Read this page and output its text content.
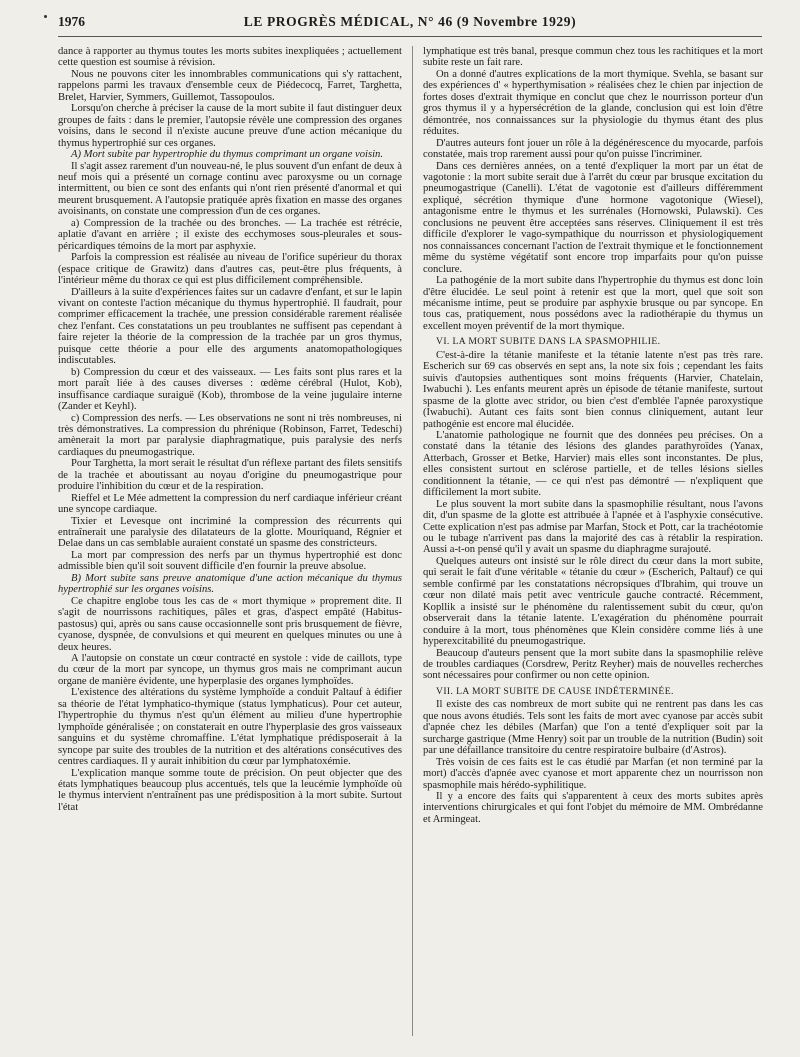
1976	LE PROGRÈS MÉDICAL, N° 46 (9 Novembre 1929)

dance à rapporter au thymus toutes les morts subites inexpliquées ; actuellement cette question est soumise à révision.

Nous ne pouvons citer les innombrables communications qui s'y rattachent, rappelons parmi les travaux d'ensemble ceux de Piédecocq, Farret, Targhetta, Brelet, Harvier, Symmers, Guillemot, Tassopoulos.

Lorsqu'on cherche à préciser la cause de la mort subite il faut distinguer deux groupes de faits : dans le premier, l'autopsie révèle une compression des organes voisins, dans le second il n'existe aucune preuve d'une action mécanique du thymus hypertrophié sur ces organes.

A) Mort subite par hypertrophie du thymus comprimant un organe voisin.

Il s'agit assez rarement d'un nouveau-né, le plus souvent d'un enfant de deux à neuf mois qui a présenté un cornage continu avec paroxysme ou un cornage intermittent, ou bien ce sont des enfants qui n'ont rien présenté d'anormal et qui meurent brusquement. A l'autopsie pratiquée après fixation en masse des organes avoisinants, on constate une compression d'un de ces organes.

a) Compression de la trachée ou des bronches. — La trachée est rétrécie, aplatie d'avant en arrière ; il existe des ecchymoses sous-pleurales et sous-péricardiques témoins de la mort par asphyxie.

Parfois la compression est réalisée au niveau de l'orifice supérieur du thorax (espace critique de Grawitz) dans d'autres cas, peut-être plus fréquents, à l'intérieur même du thorax ce qui est plus difficilement compréhensible.

D'ailleurs à la suite d'expériences faites sur un cadavre d'enfant, et sur le lapin vivant on conteste l'action mécanique du thymus hypertrophié. Il faudrait, pour comprimer efficacement la trachée, une pression considérable rarement réalisée chez l'enfant. Ces constatations un peu troublantes ne suffisent pas cependant à faire rejeter la théorie de la compression de la trachée par un gros thymus, puisque cette théorie a pour elle des arguments anatomopathologiques indiscutables.

b) Compression du cœur et des vaisseaux. — Les faits sont plus rares et la mort paraît liée à des causes diverses : œdème cérébral (Hulot, Kob), insuffisance cardiaque suraiguë (Kob), thrombose de la veine jugulaire interne (Zander et Keyhl).

c) Compression des nerfs. — Les observations ne sont ni très nombreuses, ni très démonstratives. La compression du phrénique (Robinson, Farret, Tedeschi) amènerait la mort par paralysie diaphragmatique, puis paralysie des nerfs cardiaques du pneumogastrique.

Pour Targhetta, la mort serait le résultat d'un réflexe partant des filets sensitifs de la trachée et aboutissant au noyau d'origine du pneumogastrique pour produire l'inhibition du cœur et de la respiration.

Rieffel et Le Mée admettent la compression du nerf cardiaque inférieur créant une syncope cardiaque.

Tixier et Levesque ont incriminé la compression des récurrents qui entraînerait une paralysie des dilatateurs de la glotte. Mouriquand, Régnier et Delae dans un cas semblable auraient constaté un spasme des constricteurs.

La mort par compression des nerfs par un thymus hypertrophié est donc admissible bien qu'il soit souvent difficile d'en fournir la preuve absolue.

B) Mort subite sans preuve anatomique d'une action mécanique du thymus hypertrophié sur les organes voisins.

Ce chapitre englobe tous les cas de « mort thymique » proprement dite. Il s'agit de nourrissons rachitiques, pâles et gras, d'aspect empâté (Habitus-pastosus) qui, après ou sans cause occasionnelle sont pris brusquement de fièvre, cyanose, dyspnée, de convulsions et qui meurent en quelques minutes ou une à deux heures.

A l'autopsie on constate un cœur contracté en systole : vide de caillots, type du cœur de la mort par syncope, un thymus gros mais ne comprimant aucun organe de manière évidente, une hyperplasie des organes lymphoïdes.

L'existence des altérations du système lymphoïde a conduit Paltauf à édifier sa théorie de l'état lymphatico-thymique (status lymphaticus). Pour cet auteur, l'hypertrophie du thymus n'est qu'un élément au milieu d'une hypertrophie lymphoïde généralisée ; on constaterait en outre l'hyperplasie des gros vaisseaux sanguins et du système chromaffine. L'état lymphatique prédisposerait à la syncope par suite des troubles de la nutrition et des altérations consécutives des centres cardiaques. Il y aurait inhibition du cœur par lymphatoxémie.

L'explication manque somme toute de précision. On peut objecter que des états lymphatiques beaucoup plus accentués, tels que la leucémie lymphoïde où le thymus intervient n'entraînent pas une prédisposition à la mort subite. Surtout l'état

lymphatique est très banal, presque commun chez tous les rachitiques et la mort subite reste un fait rare.

On a donné d'autres explications de la mort thymique. Svehla, se basant sur des expériences d' « hyperthymisation » réalisées chez le chien par injection de fortes doses d'extrait thymique en conclut que chez le nourrisson porteur d'un gros thymus il y a hypersécrétion de la glande, conclusion qui est loin d'être démontrée, nos connaissances sur la physiologie du thymus étant des plus réduites.

D'autres auteurs font jouer un rôle à la dégénérescence du myocarde, parfois constatée, mais trop rarement aussi pour qu'on puisse l'incriminer.

Dans ces dernières années, on a tenté d'expliquer la mort par un état de vagotonie : la mort subite serait due à l'arrêt du cœur par brusque excitation du pneumogastrique (Canelli). L'état de vagotonie est d'ailleurs différemment expliqué, sécrétion thymique d'une hormone vagotonique (Wiesel), antagonisme entre le thymus et les surrénales (Hornowski, Pulawski). Ces conclusions ne peuvent être acceptées sans réserves. Cliniquement il est très difficile d'explorer le vago-sympathique du nourrisson et physiologiquement nos connaissances concernant l'action de l'extrait thymique et le fonctionnement même du système végétatif sont encore trop imparfaits pour qu'on puisse conclure.

La pathogénie de la mort subite dans l'hypertrophie du thymus est donc loin d'être élucidée. Le seul point à retenir est que la mort, quel que soit son mécanisme intime, peut se produire par asphyxie brusque ou par syncope. En tous cas, pratiquement, nous possédons avec la radiothérapie du thymus un excellent moyen préventif de la mort thymique.

VI. LA MORT SUBITE DANS LA SPASMOPHILIE.

C'est-à-dire la tétanie manifeste et la tétanie latente n'est pas très rare. Escherich sur 69 cas observés en sept ans, la note six fois ; cependant les faits suivis d'autopsies authentiques sont moins fréquents (Harvier, Chatelain, Iwabuchi ). Les enfants meurent après un épisode de tétanie manifeste, surtout spasme de la glotte avec stridor, ou bien c'est d'emblée l'apnée paroxystique (Iwabuchi). Autant ces faits sont bien connus cliniquement, autant leur pathogénie est encore mal élucidée.

L'anatomie pathologique ne fournit que des données peu précises. On a constaté dans la tétanie des lésions des glandes parathyroïdes (Yanax, Atterbach, Grosser et Betke, Harvier) mais elles sont inconstantes. De plus, elles consistent surtout en sclérose partielle, et de telles lésions sielles conditionnent la tétanie, — ce qui n'est pas démontré — n'expliquent que difficilement la mort subite.

Le plus souvent la mort subite dans la spasmophilie résultant, nous l'avons dit, d'un spasme de la glotte est attribuée à l'apnée et à l'asphyxie consécutive. Cette explication n'est pas admise par Marfan, Stock et Pott, car la trachéotomie ou le tubage n'arrivent pas dans la majorité des cas à rétablir la respiration. Aussi a-t-on pensé qu'il y avait un spasme du diaphragme surajouté.

Quelques auteurs ont insisté sur le rôle direct du cœur dans la mort subite, qui serait le fait d'une véritable « tétanie du cœur » (Escherich, Paltauf) ce qui semble confirmé par les constatations nécropsiques d'Ibrahim, qui trouve un cœur non dilaté mais petit avec ventricule gauche contracté. Récemment, Kopllik a insisté sur le phénomène du ralentissement subit du cœur, qu'on observerait dans la tétanie latente. L'exagération du phénomène pourrait conduire à la mort, tous phénomènes que Klein considère comme liés à une hyperexcitabilité du pneumogastrique.

Beaucoup d'auteurs pensent que la mort subite dans la spasmophilie relève de troubles cardiaques (Corsdrew, Peritz Reyher) mais de nouvelles recherches sont nécessaires pour confirmer ou non cette opinion.

VII. LA MORT SUBITE DE CAUSE INDÉTERMINÉE.

Il existe des cas nombreux de mort subite qui ne rentrent pas dans les cas que nous avons étudiés. Tels sont les faits de mort avec cyanose par accès subit d'apnée chez les débiles (Marfan) que l'on a tenté d'expliquer soit par la surcharge gastrique (Mme Henry) soit par un trouble de la nutrition (Budin) soit par une défaillance transitoire du centre respiratoire bulbaire (d'Astros).

Très voisin de ces faits est le cas étudié par Marfan (et non terminé par la mort) d'accès d'apnée avec cyanose et mort apparente chez un nourrisson non spasmophile mais hérédo-syphilitique.

Il y a encore des faits qui s'apparentent à ceux des morts subites après interventions chirurgicales et qui font l'objet du mémoire de MM. Ombrédanne et Armingeat.
